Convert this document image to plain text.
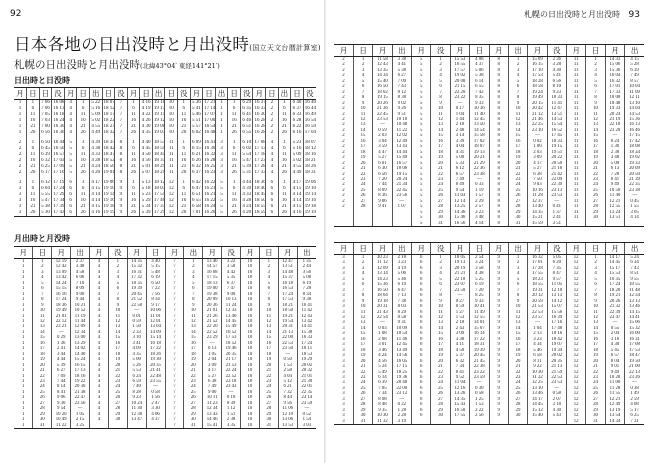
92
日本各地の日出没時と月出没時(国立天文台暦計算室)
札幌の日出没時と月出没時(北緯43°04′ 東経141°21′)
日出時と日没時
月	日	日	没	月	日	出	日	没	月	日	出	日	没	月	日	出	日	没	月	日	出	日	没
1	1	7 06	16 08	4	1	5 22	18 07	7	1	4 16	19 18	10	1	5 36	17 21	1	1	6 29	16 37	2	1	6 40	16 40
1	6	7 06	16 13	4	6	5 16	18 12	7	6	4 19	19 17	10	6	5 41	17 14	1	6	6 35	16 33	2	6	6 37	16 44
1	11	7 05	16 18	4	11	5 09	18 17	7	11	4 22	19 15	10	11	5 46	17 07	1	11	6 41	16 30	2	11	6 33	16 49
1	16	7 03	16 24	4	16	5 02	18 22	7	16	4 26	19 12	10	16	5 51	17 00	1	16	6 46	16 28	2	16	6 28	16 54
1	21	7 00	16 30	4	21	4 55	18 27	7	21	4 30	19 08	10	21	5 57	16 54	1	21	6 51	16 28	2	21	6 22	16 59
1	26	6 56	16 36	4	26	4 49	18 32	7	26	4 35	19 03	10	26	6 02	16 48	1	26	6 55	16 28	2	26	6 16	17 04

2	1	6 50	16 44	5	1	4 39	18 35	8	1	4 40	18 57	11	1	6 09	16 41	3	1	6 10	17 08	4	1	5 23	18 07
2	6	6 45	16 50	5	6	4 38	18 42	8	6	4 45	18 51	11	6	6 15	16 36	3	6	6 02	17 13	4	6	5 16	18 12
2	11	6 39	16 57	5	11	4 33	18 47	8	11	4 50	18 44	11	11	6 21	16 32	3	11	5 54	17 18	4	11	5 09	18 16
2	16	6 32	17 03	5	16	4 28	18 52	8	16	4 56	18 37	11	16	6 26	16 28	3	16	5 47	17 23	4	16	5 02	18 21
2	21	6 25	17 09	5	21	4 24	18 56	8	21	5 01	18 29	11	21	6 32	16 25	3	21	5 39	17 28	4	21	4 55	18 26
2	26	6 17	17 16	5	26	4 20	19 01	8	26	5 07	18 21	11	26	6 37	16 23	3	26	5 31	17 33	4	26	4 49	18 31

3	1	6 12	17 19	6	1	4 17	19 06	9	1	5 13	18 12	12	1	6 42	16 22	5	1	4 44	18 36	6	1	4 17	19 06
3	6	6 04	17 24	6	6	4 15	19 10	9	6	5 18	18 03	12	6	6 47	16 21	5	6	4 39	18 40	6	6	4 15	19 10
3	11	5 55	17 29	6	11	4 14	19 14	9	11	5 23	17 55	12	11	6 51	16 21	5	11	4 33	18 45	6	11	4 14	19 14
3	16	5 47	17 34	6	16	4 14	19 16	9	16	5 29	17 46	12	16	6 55	16 22	5	16	4 28	18 50	6	16	4 14	19 16
3	21	5 38	17 39	6	21	4 15	19 18	9	21	5 34	17 37	12	21	6 58	16 24	5	21	4 24	18 55	6	21	4 15	19 18
3	26	5 30	17 43	6	26	4 16	19 19	9	26	5 39	17 29	12	26	7 01	16 26	5	26	4 20	18 59	6	26	4 16	19 19
月出時と月没時
月	日	月	出	月	没	月	日	月	出	月	没	月	日	月	出
1	1	12 19	2 37	4	1	14 35	4 40	7	1	13 46	3 22	10	1	12 47	1 35
1	2	12 42	3 48	4	2	15 32	5 15	7	2	14 57	3 58	10	2	13 51	2 44
1	3	13 09	4 58	4	3	16 31	5 48	7	3	16 08	4 42	10	3	14 48	3 56
1	4	13 42	6 06	4	4	17 32	6 19	7	4	17 15	5 35	10	4	15 37	5 08
1	5	14 24	7 10	4	5	18 35	6 50	7	5	18 13	6 37	10	5	16 18	6 19
1	6	15 15	8 09	4	6	19 39	7 22	7	6	19 00	7 47	10	6	16 53	7 28
1	7	16 16	9 00	4	7	20 45	7 56	7	7	19 38	9 00	10	7	17 24	8 34
1	8	17 24	9 44	4	8	21 52	8 34	7	8	20 09	10 13	10	8	17 53	9 38
1	9	18 36	10 21	4	9	22 58	9 17	7	9	20 36	11 24	10	9	18 21	10 41
1	10	19 49	10 52	4	10	—	10 06	7	10	21 01	12 33	10	10	18 50	11 42
1	11	21 01	11 19	4	11	0 01	11 01	7	11	21 26	13 40	10	11	19 21	12 43
1	12	22 12	11 44	4	12	0 59	12 01	7	12	21 52	14 45	10	12	19 54	13 42
1	13	23 21	12 09	4	13	1 50	13 04	7	13	22 20	15 49	10	13	20 31	14 41
1	14	—	12 34	4	14	2 33	14 09	7	14	22 52	16 52	10	14	21 13	15 38
1	15	0 29	13 00	4	15	3 10	15 14	7	15	23 29	17 53	10	15	22 00	16 33
1	16	1 36	13 29	4	16	3 41	16 18	7	16	—	18 52	10	16	22 53	17 24
1	17	2 41	14 02	4	17	4 09	17 22	7	17	0 13	19 46	10	17	23 50	18 11
1	18	3 44	14 40	4	18	4 35	18 26	7	18	1 05	20 35	10	18	—	18 53
1	19	4 44	15 24	4	19	5 00	19 30	7	19	2 04	21 17	10	19	0 50	19 29
1	20	5 39	16 15	4	20	5 26	20 35	7	20	3 09	21 53	10	20	1 53	20 02
1	21	6 27	17 13	4	21	5 53	21 41	7	21	4 17	22 24	10	21	2 58	20 32
1	22	7 09	18 16	4	22	6 24	22 48	7	22	5 27	22 52	10	22	4 04	21 01
1	23	7 44	19 22	4	23	6 59	23 55	7	23	6 38	23 18	10	23	5 12	21 30
1	24	8 14	20 30	4	24	7 40	—	7	24	7 49	23 43	10	24	6 21	22 01
1	25	8 41	21 38	4	25	8 28	0 58	7	25	9 00	—	10	25	7 32	22 35
1	26	9 06	22 47	4	26	9 23	1 56	7	26	10 11	0 10	10	26	8 44	23 14
1	27	9 30	23 56	4	27	10 24	2 47	7	27	11 23	0 39	10	27	9 56	23 59
1	28	9 54	—	4	28	11 30	3 30	7	28	12 34	1 12	10	28	11 06	—
1	29	10 20	1 05	4	29	12 38	4 06	7	29	13 43	1 51	10	29	12 10	0 52
1	30	10 49	2 15	4	30	13 47	4 37	7	30	14 46	2 38	10	30	13 06	1 54
1	31	11 22	3 25					7	31	15 41	3 35	10	31	13 53	3 03
札幌の日出没時と月出没時 93
月	日	月	出	月	没	月	日	月	出	月	没	月	日	月	出
2	1	11 58	3 38	5	1	15 53	4 08	8	1	15 09	2 36	11	1	14 33	4 15
2	2	12 43	4 41	5	2	16 55	4 37	8	2	16 15	3 28	11	2	15 06	5 28
2	3	13 35	5 38	5	3	17 57	5 06	8	3	17 10	4 30	11	3	15 36	6 39
2	4	14 34	6 27	5	4	19 02	5 38	8	4	17 53	5 41	11	4	16 04	7 49
2	5	15 40	7 09	5	5	20 08	6 14	8	5	18 28	6 56	11	5	16 32	8 57
2	6	16 50	7 43	5	6	21 15	6 55	8	6	18 58	8 10	11	6	17 01	10 04
2	7	18 02	8 12	5	7	22 20	7 42	8	7	19 24	9 23	11	7	17 33	11 09
2	8	19 15	8 38	5	8	23 22	8 35	8	8	19 49	10 33	11	8	18 08	12 11
2	9	20 26	9 02	5	9	—	9 33	8	9	20 15	11 41	11	9	18 48	13 10
2	10	21 36	9 26	5	10	0 17	10 36	8	10	20 42	12 47	11	10	19 33	14 04
2	11	22 45	9 51	5	11	1 04	11 40	8	11	21 12	13 51	11	11	20 24	14 53
2	12	23 53	10 18	5	12	1 44	12 45	8	12	21 46	14 53	11	12	21 19	15 36
2	13	—	10 48	5	13	2 18	13 50	8	13	22 25	15 54	11	13	22 18	16 13
2	14	0 59	11 22	5	14	2 48	14 54	8	14	23 10	16 52	11	14	23 20	16 46
2	15	2 03	12 02	5	15	3 14	15 58	8	15	—	17 45	11	15	—	17 15
2	16	3 04	12 49	5	16	3 39	17 02	8	16	0 02	18 33	11	16	0 24	17 42
2	17	3 59	13 43	5	17	4 04	18 07	8	17	1 00	19 15	11	17	1 30	18 08
2	18	4 47	14 44	5	18	4 31	19 13	8	18	2 03	19 51	11	18	2 38	18 34
2	19	5 27	15 49	5	19	5 00	20 21	8	19	3 09	20 22	11	19	3 48	19 02
2	20	6 01	16 57	5	20	5 33	21 29	8	20	4 17	20 50	11	20	5 00	19 33
2	21	6 30	18 06	5	21	6 12	22 36	8	21	5 27	21 16	11	21	6 13	20 09
2	22	6 56	19 15	5	22	6 57	23 38	8	22	6 38	21 42	11	22	7 28	20 50
2	23	7 20	20 24	5	23	7 49	—	8	23	7 50	22 09	11	23	8 41	21 39
2	24	7 44	21 34	5	24	8 49	0 33	8	24	9 03	22 39	11	24	9 49	22 35
2	25	8 09	22 45	5	25	9 54	1 19	8	25	10 16	23 13	11	25	10 50	23 38
2	26	8 36	23 56	5	26	11 03	1 57	8	26	11 28	23 53	11	26	11 40	—
2	27	9 06	—	5	27	12 14	2 29	8	27	12 37	—	11	27	12 21	0 45
2	28	9 41	1 07	5	28	13 25	2 57	8	28	13 40	0 41	11	28	12 55	1 55
				5	29	14 36	3 23	8	29	14 35	1 37	11	29	13 24	3 05
				5	30	15 46	3 48	8	30	15 21	2 41	11	30	13 51	4 14
				5	31	16 56	4 14	8	31	15 59	3 51				
月	日	月	出	月	没	月	日	月	出	月	没	月	日	月	出
3	1	10 23	2 18	6	1	18 05	2 54	9	1	16 32	5 05	12	1	14 17	5 24
3	2	11 12	3 23	6	2	19 13	3 24	9	2	17 01	6 20	12	2	14 45	6 34
3	3	12 09	4 19	6	3	20 19	3 58	9	3	17 28	7 35	12	3	15 17	7 43
3	4	13 14	5 06	6	4	21 21	4 38	9	4	17 55	8 47	12	4	15 53	8 51
3	5	14 23	5 46	6	5	22 18	5 25	9	5	18 23	9 57	12	5	16 35	9 55
3	6	15 36	6 19	6	6	23 07	6 19	9	6	18 55	11 05	12	6	17 24	10 55
3	7	16 50	6 47	6	7	23 50	7 20	9	7	19 31	12 10	12	7	18 20	11 48
3	8	18 04	7 13	6	8	—	8 25	9	8	20 12	13 13	12	8	19 21	12 34
3	9	19 18	7 38	6	9	0 27	9 33	9	9	20 59	14 12	12	9	20 26	13 13
3	10	20 31	8 03	6	10	0 59	10 41	9	10	21 53	15 07	12	10	21 32	13 46
3	11	21 43	8 29	6	11	1 27	11 49	9	11	22 53	15 56	12	11	22 39	14 15
3	12	22 54	8 58	6	12	1 53	12 55	9	12	23 57	16 39	12	12	23 47	14 41
3	13	—	9 31	6	13	2 18	14 01	9	13	—	17 16	12	13	—	15 06
3	14	0 03	10 09	6	14	2 43	15 07	9	14	1 04	17 48	12	14	0 55	15 32
3	15	1 08	10 54	6	15	3 09	16 14	9	15	2 13	18 16	12	15	2 04	16 00
3	16	2 08	11 46	6	16	3 38	17 22	9	16	3 23	18 42	12	16	3 16	16 31
3	17	3 01	12 45	6	17	4 11	18 31	9	17	4 34	19 07	12	17	4 30	17 08
3	18	3 46	13 49	6	18	4 50	19 39	9	18	5 46	19 34	12	18	5 45	17 53
3	19	4 24	14 56	6	19	5 37	20 45	9	19	6 58	20 02	12	19	6 57	18 47
3	20	4 56	16 05	6	20	6 32	21 45	9	20	8 11	20 35	12	20	8 04	19 50
3	21	5 24	17 15	6	21	7 34	22 38	9	21	9 22	21 13	12	21	9 01	21 00
3	22	5 49	18 25	6	22	8 41	23 22	9	22	10 30	21 59	12	22	9 49	22 13
3	23	6 14	19 36	6	23	9 52	23 59	9	23	11 32	22 53	12	23	10 28	23 26
3	24	6 39	20 48	6	24	11 04	—	9	24	12 25	23 53	12	24	11 00	—
3	25	7 05	22 00	6	25	12 16	0 30	9	25	13 10	—	12	25	11 28	0 38
3	26	7 34	23 12	6	26	13 26	0 58	9	26	13 46	0 58	12	26	11 55	1 49
3	27	8 08	—	6	27	14 35	1 25	9	27	14 17	2 07	12	27	12 21	2 59
3	28	8 48	0 22	6	28	15 43	1 53	9	28	14 45	3 18	12	28	12 49	4 08
3	29	9 35	1 28	6	29	16 50	2 22	9	29	15 12	4 30	12	29	13 19	5 17
3	30	10 30	2 28	6	30	17 55	2 56	9	30	15 40	5 43	12	30	13 54	6 25
3	31	11 32	3 19									12	31	14 34	7 31
